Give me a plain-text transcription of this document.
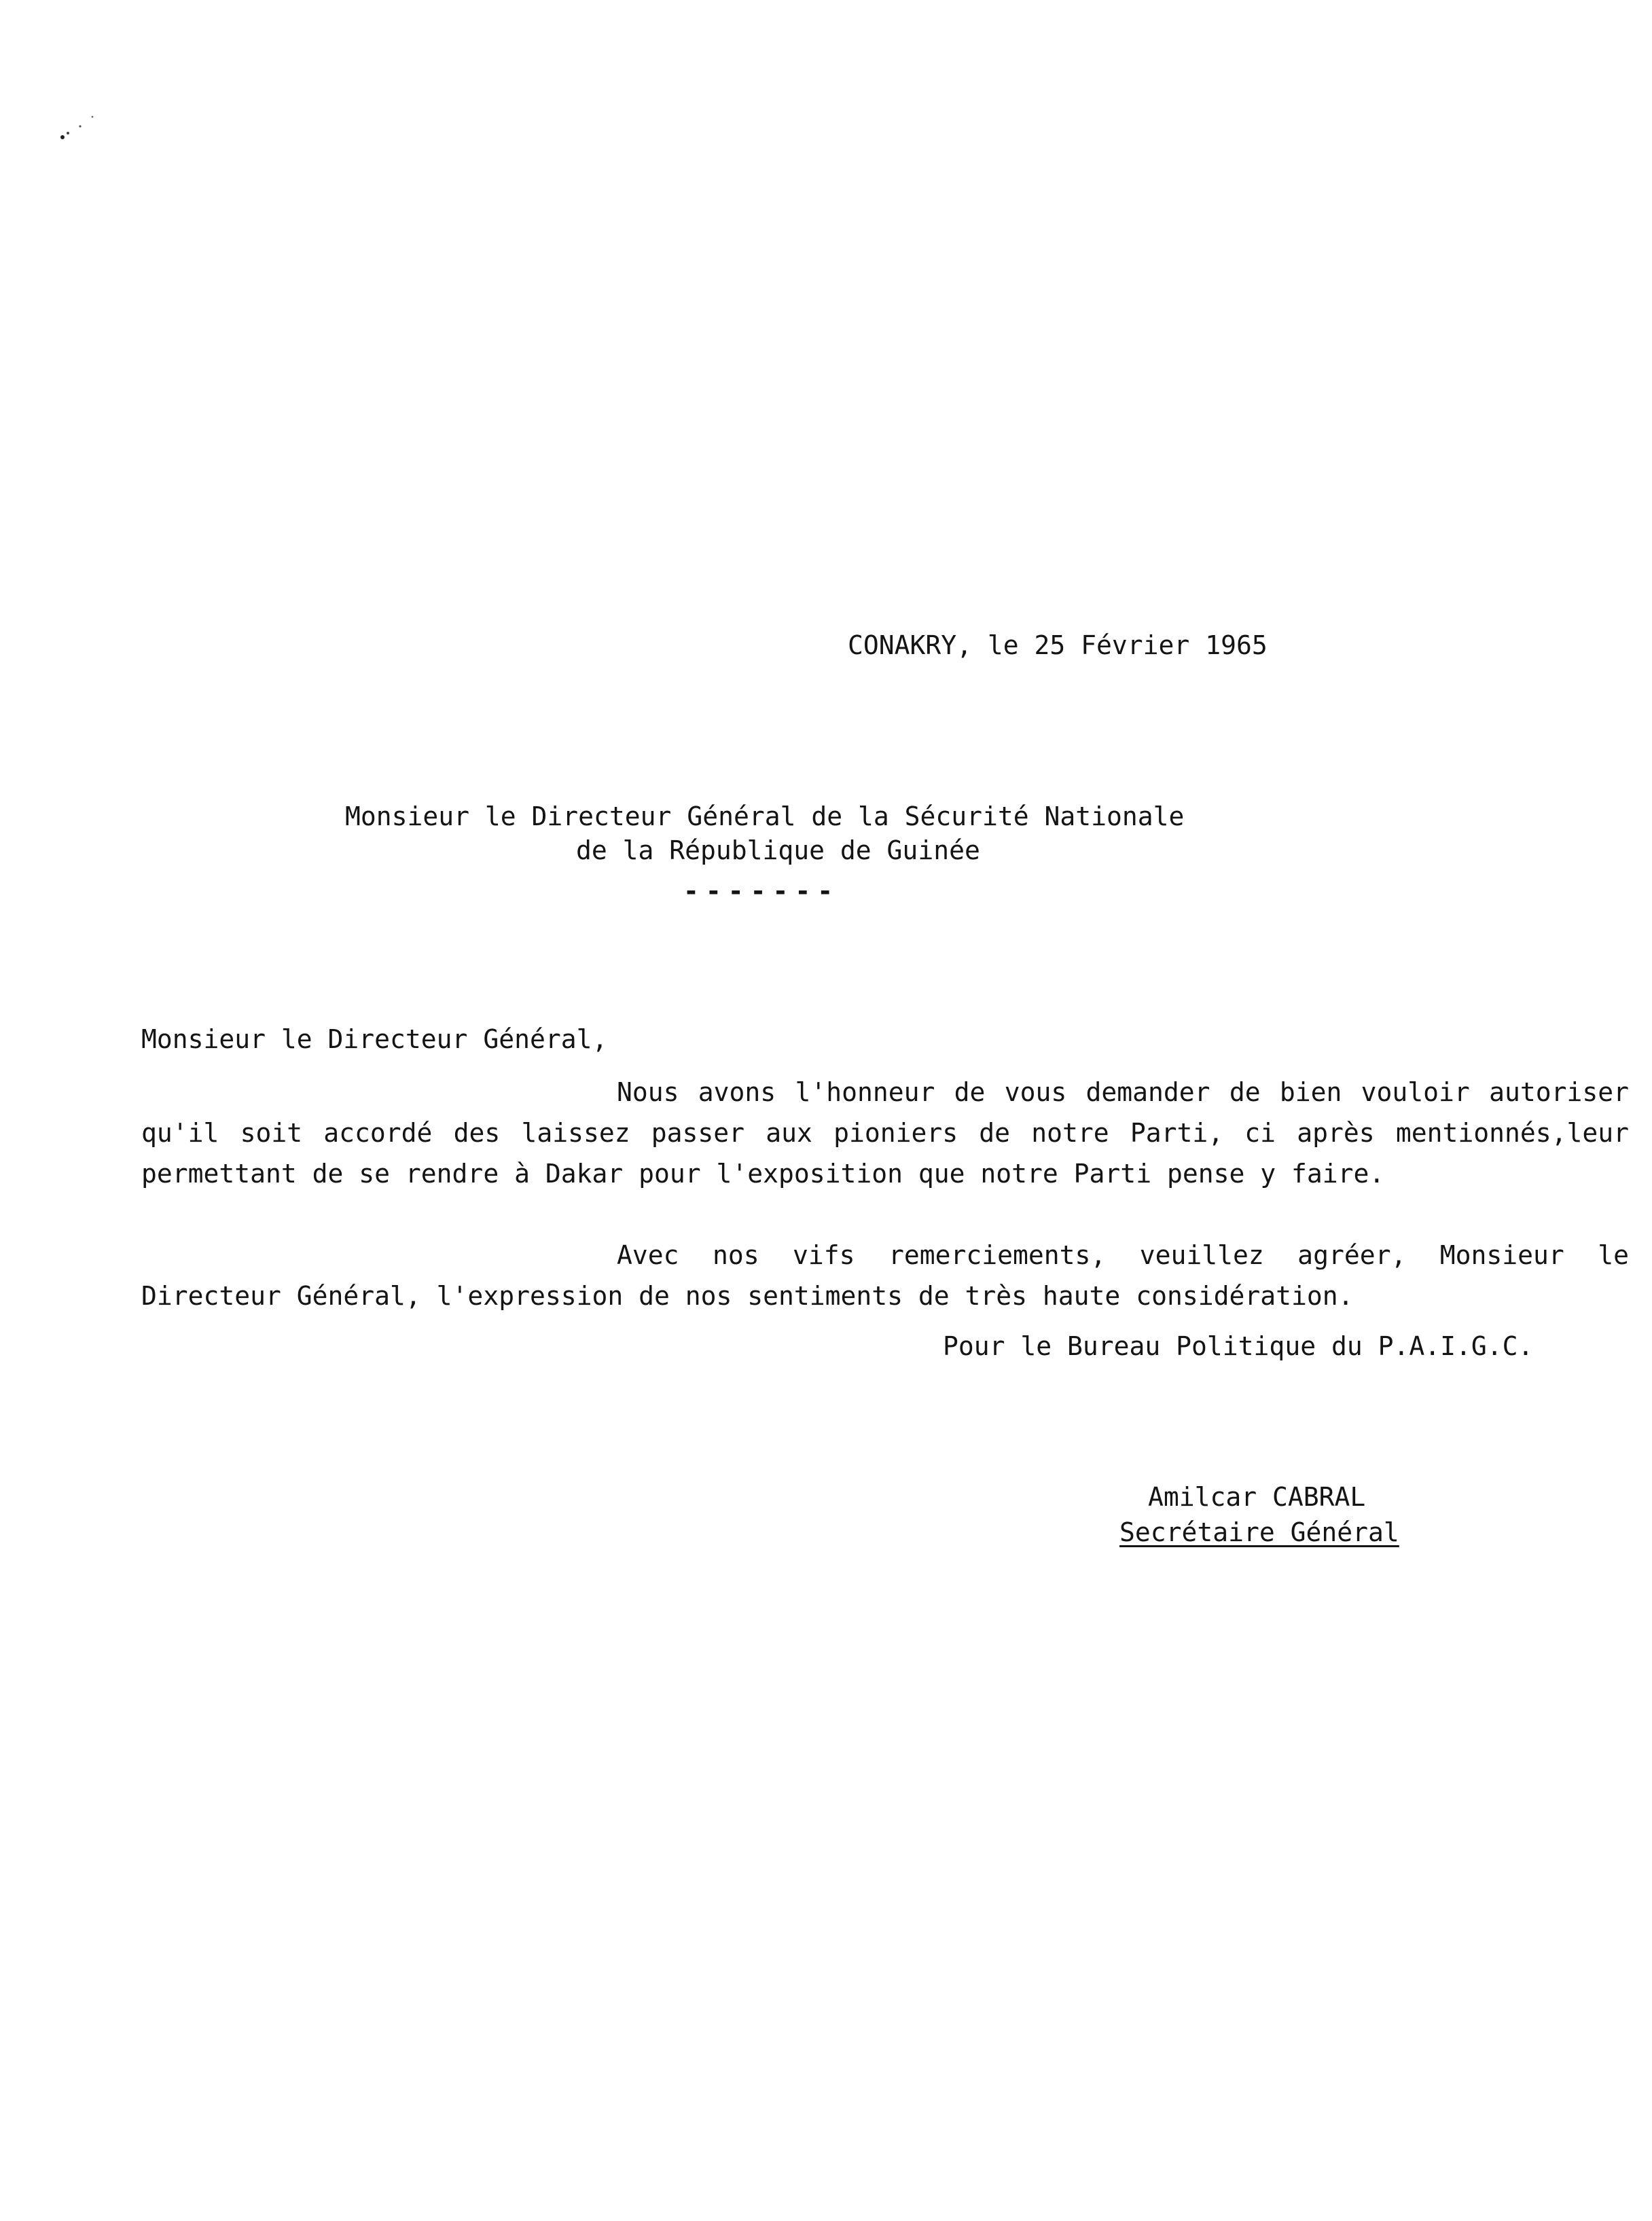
CONAKRY, le 25 Février 1965
Monsieur le Directeur Général de la Sécurité Nationale
de la République de Guinée
-------
Monsieur le Directeur Général,

Nous avons l'honneur de vous demander de bien vouloir autoriser qu'il soit accordé des laissez passer aux pioniers de notre Parti, ci après mentionnés,leur permettant de se rendre à Dakar pour l'exposition que notre Parti pense y faire.

Avec nos vifs remerciements, veuillez agréer, Monsieur le Directeur Général, l'expression de nos sentiments de très haute considération.

Pour le Bureau Politique du P.A.I.G.C.
Amilcar CABRAL
Secrétaire Général
